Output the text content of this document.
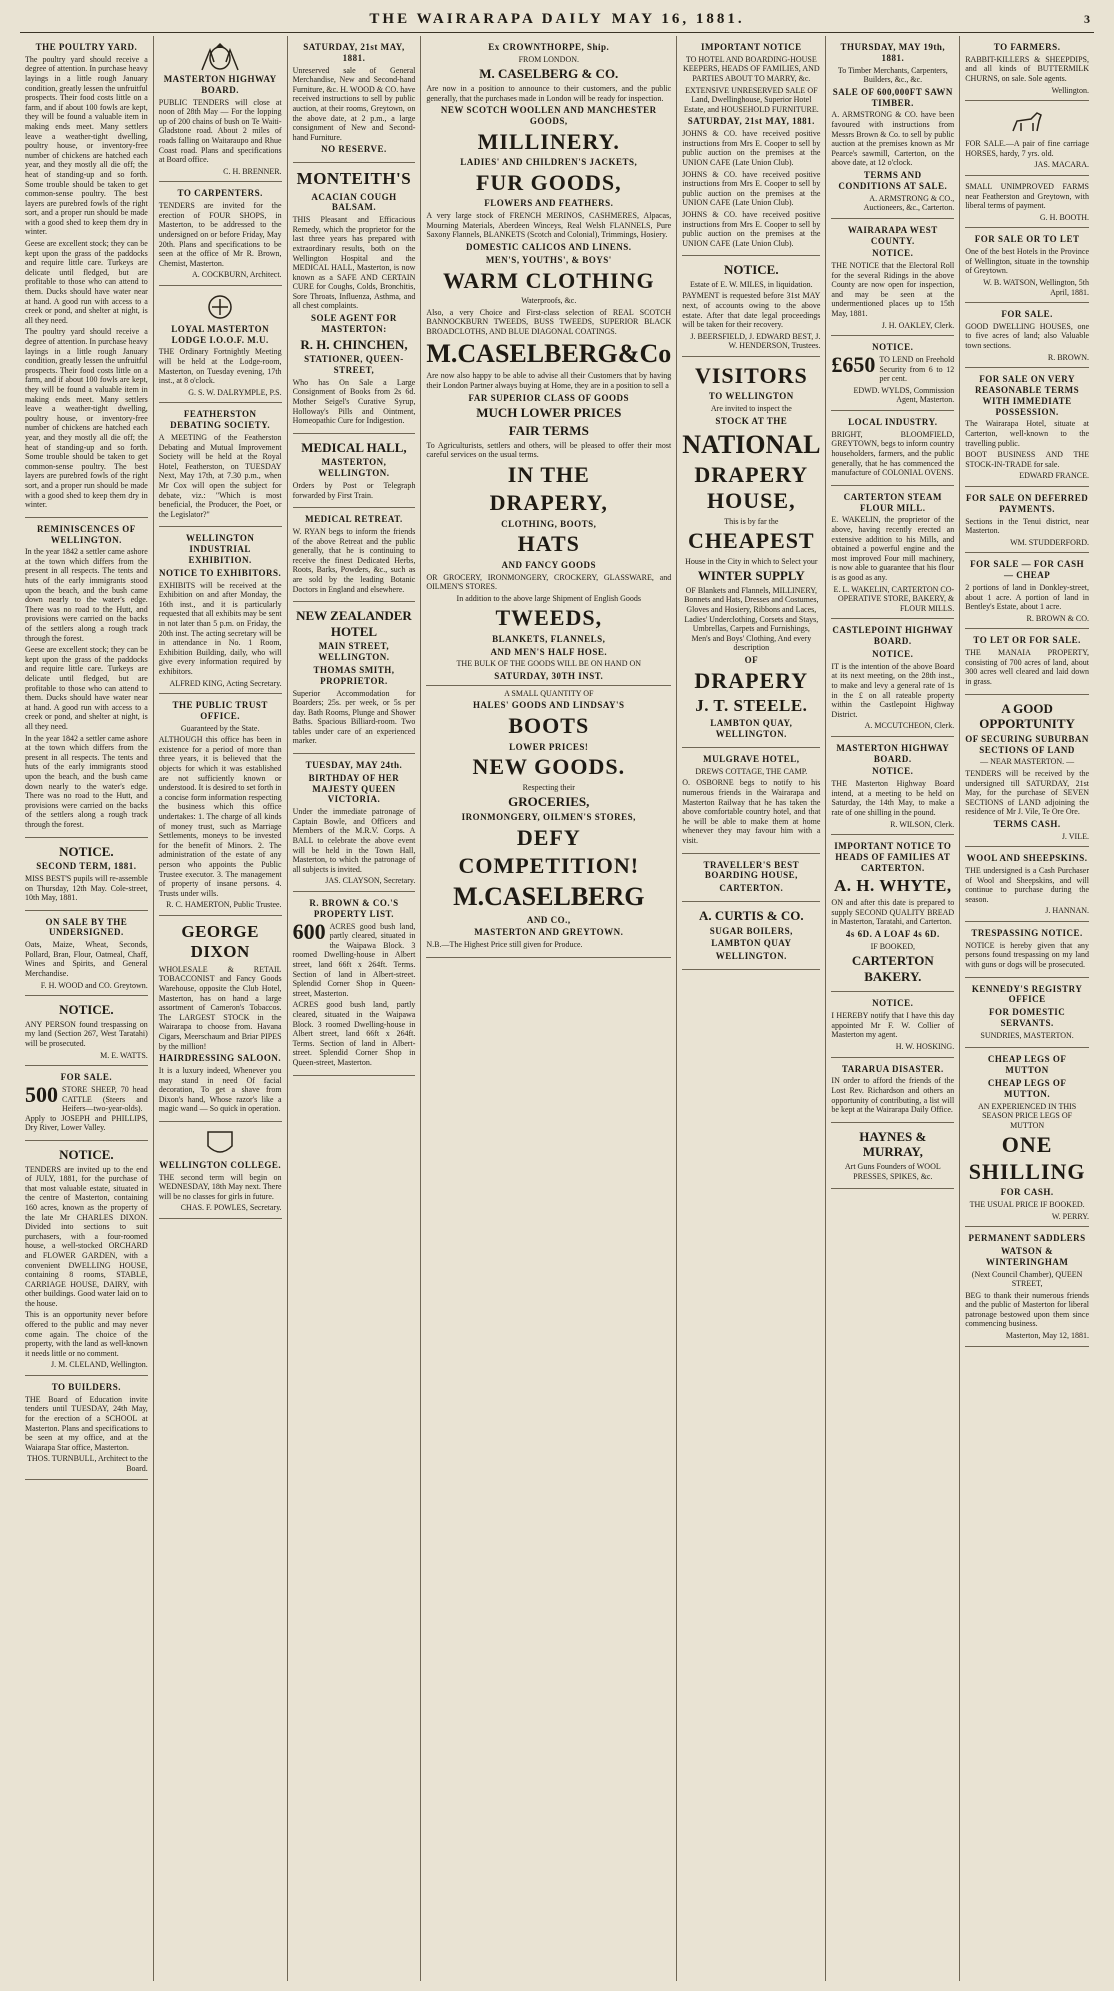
THE WAIRARAPA DAILY MAY 16, 1881.	3
THE POULTRY YARD.

The poultry yard should receive a degree of attention. In purchase heavy layings in a little rough January condition, greatly lessen the unfruitful prospects. Their food costs little on a farm, and if about 100 fowls are kept, they will be found a valuable item in making ends meet. Many settlers leave a weather-tight dwelling, poultry house, or inventory-free number of chickens are hatched each year, and they mostly all die off; the heat of standing-up and so forth. Some trouble should be taken to get common-sense poultry. The best layers are purebred fowls of the right sort, and a proper run should be made with a good shed to keep them dry in winter.

Geese are excellent stock; they can be kept upon the grass of the paddocks and require little care. Turkeys are delicate until fledged, but are profitable to those who can attend to them. Ducks should have water near at hand. A good run with access to a creek or pond, and shelter at night, is all they need.

The poultry yard should receive a degree of attention. In purchase heavy layings in a little rough January condition, greatly lessen the unfruitful prospects. Their food costs little on a farm, and if about 100 fowls are kept, they will be found a valuable item in making ends meet. Many settlers leave a weather-tight dwelling, poultry house, or inventory-free number of chickens are hatched each year, and they mostly all die off; the heat of standing-up and so forth. Some trouble should be taken to get common-sense poultry. The best layers are purebred fowls of the right sort, and a proper run should be made with a good shed to keep them dry in winter.

REMINISCENCES OF WELLINGTON.

In the year 1842 a settler came ashore at the town which differs from the present in all respects. The tents and huts of the early immigrants stood upon the beach, and the bush came down nearly to the water's edge. There was no road to the Hutt, and provisions were carried on the backs of the settlers along a rough track through the forest.

Geese are excellent stock; they can be kept upon the grass of the paddocks and require little care. Turkeys are delicate until fledged, but are profitable to those who can attend to them. Ducks should have water near at hand. A good run with access to a creek or pond, and shelter at night, is all they need.

In the year 1842 a settler came ashore at the town which differs from the present in all respects. The tents and huts of the early immigrants stood upon the beach, and the bush came down nearly to the water's edge. There was no road to the Hutt, and provisions were carried on the backs of the settlers along a rough track through the forest.

NOTICE.
SECOND TERM, 1881.

MISS BEST'S pupils will re-assemble on Thursday, 12th May. Cole-street, 10th May, 1881.

ON SALE BY THE UNDERSIGNED.

Oats, Maize, Wheat, Seconds, Pollard, Bran, Flour, Oatmeal, Chaff, Wines and Spirits, and General Merchandise.

F. H. WOOD and CO. Greytown.
NOTICE.

ANY PERSON found trespassing on my land (Section 267, West Taratahi) will be prosecuted.

M. E. WATTS.
FOR SALE.

500 STORE SHEEP, 70 head CATTLE (Steers and Heifers—two-year-olds). Apply to JOSEPH and PHILLIPS, Dry River, Lower Valley.

NOTICE.

TENDERS are invited up to the end of JULY, 1881, for the purchase of that most valuable estate, situated in the centre of Masterton, containing 160 acres, known as the property of the late Mr CHARLES DIXON. Divided into sections to suit purchasers, with a four-roomed house, a well-stocked ORCHARD and FLOWER GARDEN, with a convenient DWELLING HOUSE, containing 8 rooms, STABLE, CARRIAGE HOUSE, DAIRY, with other buildings. Good water laid on to the house.

This is an opportunity never before offered to the public and may never come again. The choice of the property, with the land as well-known it needs little or no comment.

J. M. CLELAND, Wellington.
TO BUILDERS.

THE Board of Education invite tenders until TUESDAY, 24th May, for the erection of a SCHOOL at Masterton. Plans and specifications to be seen at my office, and at the Waiarapa Star office, Masterton.

THOS. TURNBULL, Architect to the Board.
MASTERTON HIGHWAY BOARD.

PUBLIC TENDERS will close at noon of 28th May — For the lopping up of 200 chains of bush on Te Waiti-Gladstone road. About 2 miles of roads falling on Waitaraupo and Rhue Coast road. Plans and specifications at Board office.

C. H. BRENNER.
TO CARPENTERS.

TENDERS are invited for the erection of FOUR SHOPS, in Masterton, to be addressed to the undersigned on or before Friday, May 20th. Plans and specifications to be seen at the office of Mr R. Brown, Chemist, Masterton.

A. COCKBURN, Architect.
LOYAL MASTERTON LODGE I.O.O.F. M.U.

THE Ordinary Fortnightly Meeting will be held at the Lodge-room, Masterton, on Tuesday evening, 17th inst., at 8 o'clock.

G. S. W. DALRYMPLE, P.S.
FEATHERSTON DEBATING SOCIETY.

A MEETING of the Featherston Debating and Mutual Improvement Society will be held at the Royal Hotel, Featherston, on TUESDAY Next, May 17th, at 7.30 p.m., when Mr Cox will open the subject for debate, viz.: "Which is most beneficial, the Producer, the Poet, or the Legislator?"

WELLINGTON INDUSTRIAL EXHIBITION.
NOTICE TO EXHIBITORS.

EXHIBITS will be received at the Exhibition on and after Monday, the 16th inst., and it is particularly requested that all exhibits may be sent in not later than 5 p.m. on Friday, the 20th inst. The acting secretary will be in attendance in No. 1 Room, Exhibition Building, daily, who will give every information required by exhibitors.

ALFRED KING, Acting Secretary.
THE PUBLIC TRUST OFFICE.

Guaranteed by the State.

ALTHOUGH this office has been in existence for a period of more than three years, it is believed that the objects for which it was established are not sufficiently known or understood. It is desired to set forth in a concise form information respecting the business which this office undertakes: 1. The charge of all kinds of money trust, such as Marriage Settlements, moneys to be invested for the benefit of Minors. 2. The administration of the estate of any person who appoints the Public Trustee executor. 3. The management of property of insane persons. 4. Trusts under wills.

R. C. HAMERTON, Public Trustee.
GEORGE DIXON

WHOLESALE & RETAIL TOBACCONIST and Fancy Goods Warehouse, opposite the Club Hotel, Masterton, has on hand a large assortment of Cameron's Tobaccos. The LARGEST STOCK in the Wairarapa to choose from. Havana Cigars, Meerschaum and Briar PIPES by the million!

HAIRDRESSING SALOON.

It is a luxury indeed, Whenever you may stand in need Of facial decoration, To get a shave from Dixon's hand, Whose razor's like a magic wand — So quick in operation.

WELLINGTON COLLEGE.

THE second term will begin on WEDNESDAY, 18th May next. There will be no classes for girls in future.

CHAS. F. POWLES, Secretary.
SATURDAY, 21st MAY, 1881.

Unreserved sale of General Merchandise, New and Second-hand Furniture, &c. H. WOOD & CO. have received instructions to sell by public auction, at their rooms, Greytown, on the above date, at 2 p.m., a large consignment of New and Second-hand Furniture.

NO RESERVE.
MONTEITH'S
ACACIAN COUGH BALSAM.

THIS Pleasant and Efficacious Remedy, which the proprietor for the last three years has prepared with extraordinary results, both on the Wellington Hospital and the MEDICAL HALL, Masterton, is now known as a SAFE AND CERTAIN CURE for Coughs, Colds, Bronchitis, Sore Throats, Influenza, Asthma, and all chest complaints.

SOLE AGENT FOR MASTERTON:
R. H. CHINCHEN,
STATIONER, QUEEN-STREET,

Who has On Sale a Large Consignment of Books from 2s 6d. Mother Seigel's Curative Syrup, Holloway's Pills and Ointment, Homeopathic Cure for Indigestion.

MEDICAL HALL,
MASTERTON, WELLINGTON.

Orders by Post or Telegraph forwarded by First Train.

MEDICAL RETREAT.

W. RYAN begs to inform the friends of the above Retreat and the public generally, that he is continuing to receive the finest Dedicated Herbs, Roots, Barks, Powders, &c., such as are sold by the leading Botanic Doctors in England and elsewhere.

NEW ZEALANDER HOTEL
MAIN STREET, WELLINGTON.
THOMAS SMITH, PROPRIETOR.

Superior Accommodation for Boarders; 25s. per week, or 5s per day. Bath Rooms, Plunge and Shower Baths. Spacious Billiard-room. Two tables under care of an experienced marker.

TUESDAY, MAY 24th.
BIRTHDAY OF HER MAJESTY QUEEN VICTORIA.

Under the immediate patronage of Captain Bowle, and Officers and Members of the M.R.V. Corps. A BALL to celebrate the above event will be held in the Town Hall, Masterton, to which the patronage of all subjects is invited.

JAS. CLAYSON, Secretary.
R. BROWN & CO.'S PROPERTY LIST.

600 ACRES good bush land, partly cleared, situated in the Waipawa Block. 3 roomed Dwelling-house in Albert street, land 66ft x 264ft. Terms. Section of land in Albert-street. Splendid Corner Shop in Queen-street, Masterton.

ACRES good bush land, partly cleared, situated in the Waipawa Block. 3 roomed Dwelling-house in Albert street, land 66ft x 264ft. Terms. Section of land in Albert-street. Splendid Corner Shop in Queen-street, Masterton.

Ex CROWNTHORPE, Ship.

FROM LONDON.

M. CASELBERG & CO.

Are now in a position to announce to their customers, and the public generally, that the purchases made in London will be ready for inspection.

NEW SCOTCH WOOLLEN AND MANCHESTER GOODS,

MILLINERY.

LADIES' AND CHILDREN'S JACKETS,

FUR GOODS,

FLOWERS AND FEATHERS.

A very large stock of FRENCH MERINOS, CASHMERES, Alpacas, Mourning Materials, Aberdeen Winceys, Real Welsh FLANNELS, Pure Saxony Flannels, BLANKETS (Scotch and Colonial), Trimmings, Hosiery.

DOMESTIC CALICOS AND LINENS.
MEN'S, YOUTHS', & BOYS'

WARM CLOTHING

Waterproofs, &c.

Also, a very Choice and First-class selection of REAL SCOTCH BANNOCKBURN TWEEDS, BUSS TWEEDS, SUPERIOR BLACK BROADCLOTHS, AND BLUE DIAGONAL COATINGS.

M.CASELBERG&Co

Are now also happy to be able to advise all their Customers that by having their London Partner always buying at Home, they are in a position to sell a

FAR SUPERIOR CLASS OF GOODS
MUCH LOWER PRICES
FAIR TERMS

To Agriculturists, settlers and others, will be pleased to offer their most careful services on the usual terms.

IN THE

DRAPERY,

CLOTHING, BOOTS,

HATS

AND FANCY GOODS

OR GROCERY, IRONMONGERY, CROCKERY, GLASSWARE, and OILMEN'S STORES.

In addition to the above large Shipment of English Goods

TWEEDS,

BLANKETS, FLANNELS,
AND MEN'S HALF HOSE.

THE BULK OF THE GOODS WILL BE ON HAND ON

SATURDAY, 30TH INST.

A SMALL QUANTITY OF

HALES' GOODS AND LINDSAY'S

BOOTS

LOWER PRICES!

NEW GOODS.

Respecting their

GROCERIES,
IRONMONGERY, OILMEN'S STORES,

DEFY

COMPETITION!

M.CASELBERG

AND CO.,
MASTERTON AND GREYTOWN.

N.B.—The Highest Price still given for Produce.

IMPORTANT NOTICE

TO HOTEL AND BOARDING-HOUSE KEEPERS, HEADS OF FAMILIES, AND PARTIES ABOUT TO MARRY, &c.

EXTENSIVE UNRESERVED SALE OF Land, Dwellinghouse, Superior Hotel Estate, and HOUSEHOLD FURNITURE.

SATURDAY, 21st MAY, 1881.

JOHNS & CO. have received positive instructions from Mrs E. Cooper to sell by public auction on the premises at the UNION CAFE (Late Union Club).

JOHNS & CO. have received positive instructions from Mrs E. Cooper to sell by public auction on the premises at the UNION CAFE (Late Union Club).

JOHNS & CO. have received positive instructions from Mrs E. Cooper to sell by public auction on the premises at the UNION CAFE (Late Union Club).

NOTICE.

Estate of E. W. MILES, in liquidation.

PAYMENT is requested before 31st MAY next, of accounts owing to the above estate. After that date legal proceedings will be taken for their recovery.

J. BEERSFIELD, J. EDWARD BEST, J. W. HENDERSON, Trustees.

VISITORS

TO WELLINGTON

Are invited to inspect the

STOCK AT THE

NATIONAL

DRAPERY HOUSE,

This is by far the

CHEAPEST

House in the City in which to Select your

WINTER SUPPLY

OF Blankets and Flannels, MILLINERY, Bonnets and Hats, Dresses and Costumes, Gloves and Hosiery, Ribbons and Laces, Ladies' Underclothing, Corsets and Stays, Umbrellas, Carpets and Furnishings, Men's and Boys' Clothing, And every description

OF

DRAPERY

J. T. STEELE.
LAMBTON QUAY, WELLINGTON.
MULGRAVE HOTEL,

DREWS COTTAGE, THE CAMP.

O. OSBORNE begs to notify to his numerous friends in the Wairarapa and Masterton Railway that he has taken the above comfortable country hotel, and that he will be able to make them at home whenever they may favour him with a visit.

TRAVELLER'S BEST BOARDING HOUSE,
CARTERTON.
A. CURTIS & CO.
SUGAR BOILERS,
LAMBTON QUAY
WELLINGTON.
THURSDAY, MAY 19th, 1881.

To Timber Merchants, Carpenters, Builders, &c., &c.

SALE OF 600,000FT SAWN TIMBER.

A. ARMSTRONG & CO. have been favoured with instructions from Messrs Brown & Co. to sell by public auction at the premises known as Mr Pearce's sawmill, Carterton, on the above date, at 12 o'clock.

TERMS AND CONDITIONS AT SALE.
A. ARMSTRONG & CO., Auctioneers, &c., Carterton.
WAIRARAPA WEST COUNTY.
NOTICE.

THE NOTICE that the Electoral Roll for the several Ridings in the above County are now open for inspection, and may be seen at the undermentioned places up to 15th May, 1881.

J. H. OAKLEY, Clerk.
NOTICE.

£650 TO LEND on Freehold Security from 6 to 12 per cent.

EDWD. WYLDS, Commission Agent, Masterton.
LOCAL INDUSTRY.

BRIGHT, BLOOMFIELD, GREYTOWN, begs to inform country householders, farmers, and the public generally, that he has commenced the manufacture of COLONIAL OVENS.

CARTERTON STEAM FLOUR MILL.

E. WAKELIN, the proprietor of the above, having recently erected an extensive addition to his Mills, and obtained a powerful engine and the most improved Four mill machinery, is now able to guarantee that his flour is as good as any.

E. L. WAKELIN, CARTERTON CO-OPERATIVE STORE, BAKERY, & FLOUR MILLS.
CASTLEPOINT HIGHWAY BOARD.
NOTICE.

IT is the intention of the above Board at its next meeting, on the 28th inst., to make and levy a general rate of 1s in the £ on all rateable property within the Castlepoint Highway District.

A. MCCUTCHEON, Clerk.
MASTERTON HIGHWAY BOARD.
NOTICE.

THE Masterton Highway Board intend, at a meeting to be held on Saturday, the 14th May, to make a rate of one shilling in the pound.

R. WILSON, Clerk.
IMPORTANT NOTICE TO HEADS OF FAMILIES AT CARTERTON.
A. H. WHYTE,

ON and after this date is prepared to supply SECOND QUALITY BREAD in Masterton, Taratahi, and Carterton.

4s 6D. A LOAF 4s 6D.

IF BOOKED,

CARTERTON BAKERY.
NOTICE.

I HEREBY notify that I have this day appointed Mr F. W. Collier of Masterton my agent.

H. W. HOSKING.
TARARUA DISASTER.

IN order to afford the friends of the Lost Rev. Richardson and others an opportunity of contributing, a list will be kept at the Wairarapa Daily Office.

HAYNES & MURRAY,

Art Guns Founders of WOOL PRESSES, SPIKES, &c.

TO FARMERS.

RABBIT-KILLERS & SHEEPDIPS, and all kinds of BUTTERMILK CHURNS, on sale. Sole agents.

Wellington.

FOR SALE.—A pair of fine carriage HORSES, hardy, 7 yrs. old.

JAS. MACARA.

SMALL UNIMPROVED FARMS near Featherston and Greytown, with liberal terms of payment.

G. H. BOOTH.
FOR SALE OR TO LET

One of the best Hotels in the Province of Wellington, situate in the township of Greytown.

W. B. WATSON, Wellington, 5th April, 1881.
FOR SALE.

GOOD DWELLING HOUSES, one to five acres of land; also Valuable town sections.

R. BROWN.
FOR SALE ON VERY REASONABLE TERMS WITH IMMEDIATE POSSESSION.

The Wairarapa Hotel, situate at Carterton, well-known to the travelling public.

BOOT BUSINESS AND THE STOCK-IN-TRADE for sale.

EDWARD FRANCE.
FOR SALE ON DEFERRED PAYMENTS.

Sections in the Tenui district, near Masterton.

WM. STUDDERFORD.
FOR SALE — FOR CASH — CHEAP

2 portions of land in Donkley-street, about 1 acre. A portion of land in Bentley's Estate, about 1 acre.

R. BROWN & CO.
TO LET OR FOR SALE.

THE MANAIA PROPERTY, consisting of 700 acres of land, about 300 acres well cleared and laid down in grass.

A GOOD OPPORTUNITY
OF SECURING SUBURBAN SECTIONS OF LAND

— NEAR MASTERTON. —

TENDERS will be received by the undersigned till SATURDAY, 21st May, for the purchase of SEVEN SECTIONS of LAND adjoining the residence of Mr J. Vile, Te Ore Ore.

TERMS CASH.
J. VILE.
WOOL AND SHEEPSKINS.

THE undersigned is a Cash Purchaser of Wool and Sheepskins, and will continue to purchase during the season.

J. HANNAN.
TRESPASSING NOTICE.

NOTICE is hereby given that any persons found trespassing on my land with guns or dogs will be prosecuted.

KENNEDY'S REGISTRY OFFICE
FOR DOMESTIC SERVANTS.

SUNDRIES, MASTERTON.

CHEAP LEGS OF MUTTON
CHEAP LEGS OF MUTTON.

AN EXPERIENCED IN THIS SEASON PRICE LEGS OF MUTTON

ONE SHILLING

FOR CASH.

THE USUAL PRICE IF BOOKED.

W. PERRY.
PERMANENT SADDLERS
WATSON & WINTERINGHAM

(Next Council Chamber), QUEEN STREET,

BEG to thank their numerous friends and the public of Masterton for liberal patronage bestowed upon them since commencing business.

Masterton, May 12, 1881.
